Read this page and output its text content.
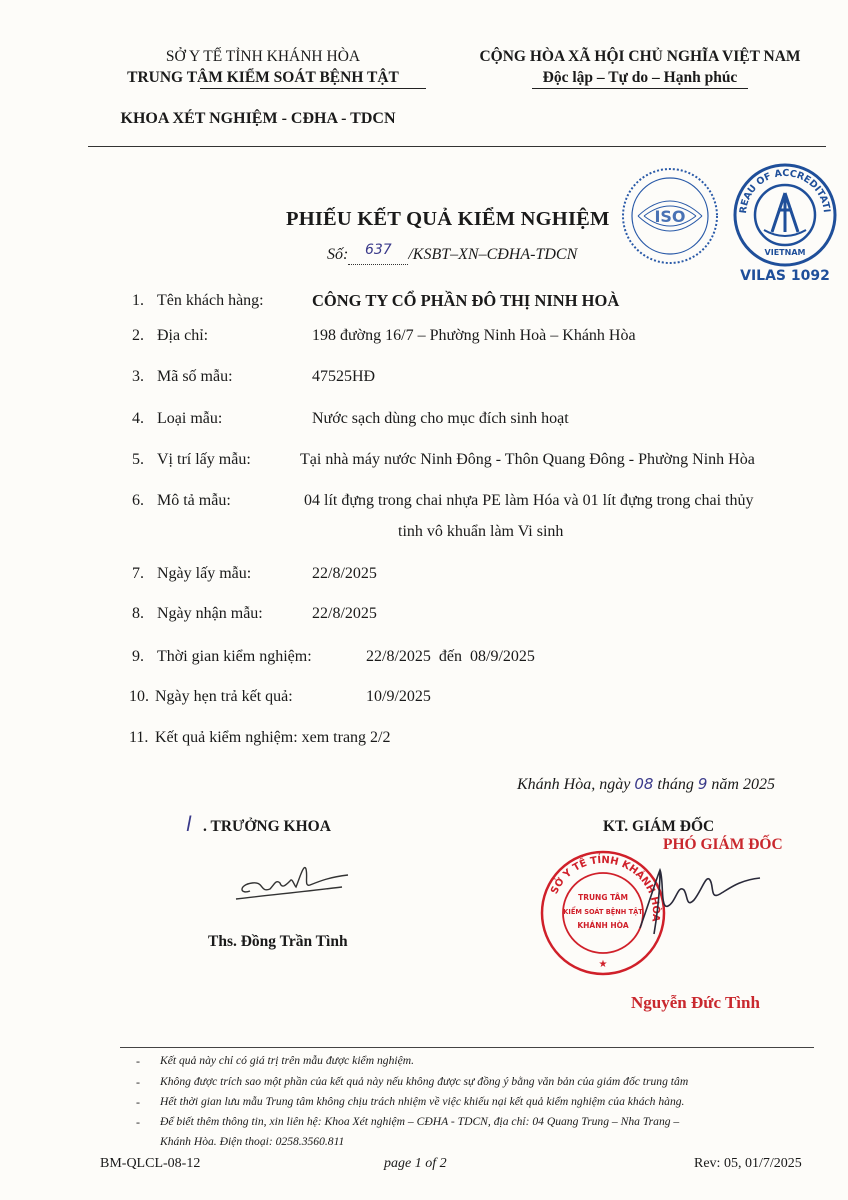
SỞ Y TẾ TỈNH KHÁNH HÒA
TRUNG TÂM KIỂM SOÁT BỆNH TẬT
KHOA XÉT NGHIỆM - CĐHA - TDCN
CỘNG HÒA XÃ HỘI CHỦ NGHĨA VIỆT NAM
Độc lập – Tự do – Hạnh phúc
ISO	REAU OF ACCREDITATI
VIETNAM
VILAS 1092
PHIẾU KẾT QUẢ KIỂM NGHIỆM
Số: 637 /KSBT–XN–CĐHA-TDCN
1. Tên khách hàng:	CÔNG TY CỔ PHẦN ĐÔ THỊ NINH HOÀ
2. Địa chỉ:	198 đường 16/7 – Phường Ninh Hoà – Khánh Hòa
3. Mã số mẫu:	47525HĐ
4. Loại mẫu:	Nước sạch dùng cho mục đích sinh hoạt
5. Vị trí lấy mẫu:	Tại nhà máy nước Ninh Đông - Thôn Quang Đông - Phường Ninh Hòa
6. Mô tả mẫu:	04 lít đựng trong chai nhựa PE làm Hóa và 01 lít đựng trong chai thủy
tinh vô khuẩn làm Vi sinh
7. Ngày lấy mẫu:	22/8/2025
8. Ngày nhận mẫu:	22/8/2025
9. Thời gian kiểm nghiệm:	22/8/2025  đến  08/9/2025
10. Ngày hẹn trả kết quả:	10/9/2025
11. Kết quả kiểm nghiệm: xem trang 2/2
Khánh Hòa, ngày 08 tháng 9 năm 2025
l . TRƯỞNG KHOA
Ths. Đồng Trần Tình
KT. GIÁM ĐỐC
PHÓ GIÁM ĐỐC
SỞ Y TẾ TỈNH KHÁNH HÒA
TRUNG TÂM
KIỂM SOÁT BỆNH TẬT
KHÁNH HÒA
★
Nguyễn Đức Tình
- Kết quả này chỉ có giá trị trên mẫu được kiểm nghiệm.
- Không được trích sao một phần của kết quả này nếu không được sự đồng ý bằng văn bản của giám đốc trung tâm
- Hết thời gian lưu mẫu Trung tâm không chịu trách nhiệm về việc khiếu nại kết quả kiểm nghiệm của khách hàng.
- Để biết thêm thông tin, xin liên hệ: Khoa Xét nghiệm – CĐHA - TDCN, địa chỉ: 04 Quang Trung – Nha Trang –
Khánh Hòa. Điện thoại: 0258.3560.811
BM-QLCL-08-12	page 1 of 2	Rev: 05, 01/7/2025
